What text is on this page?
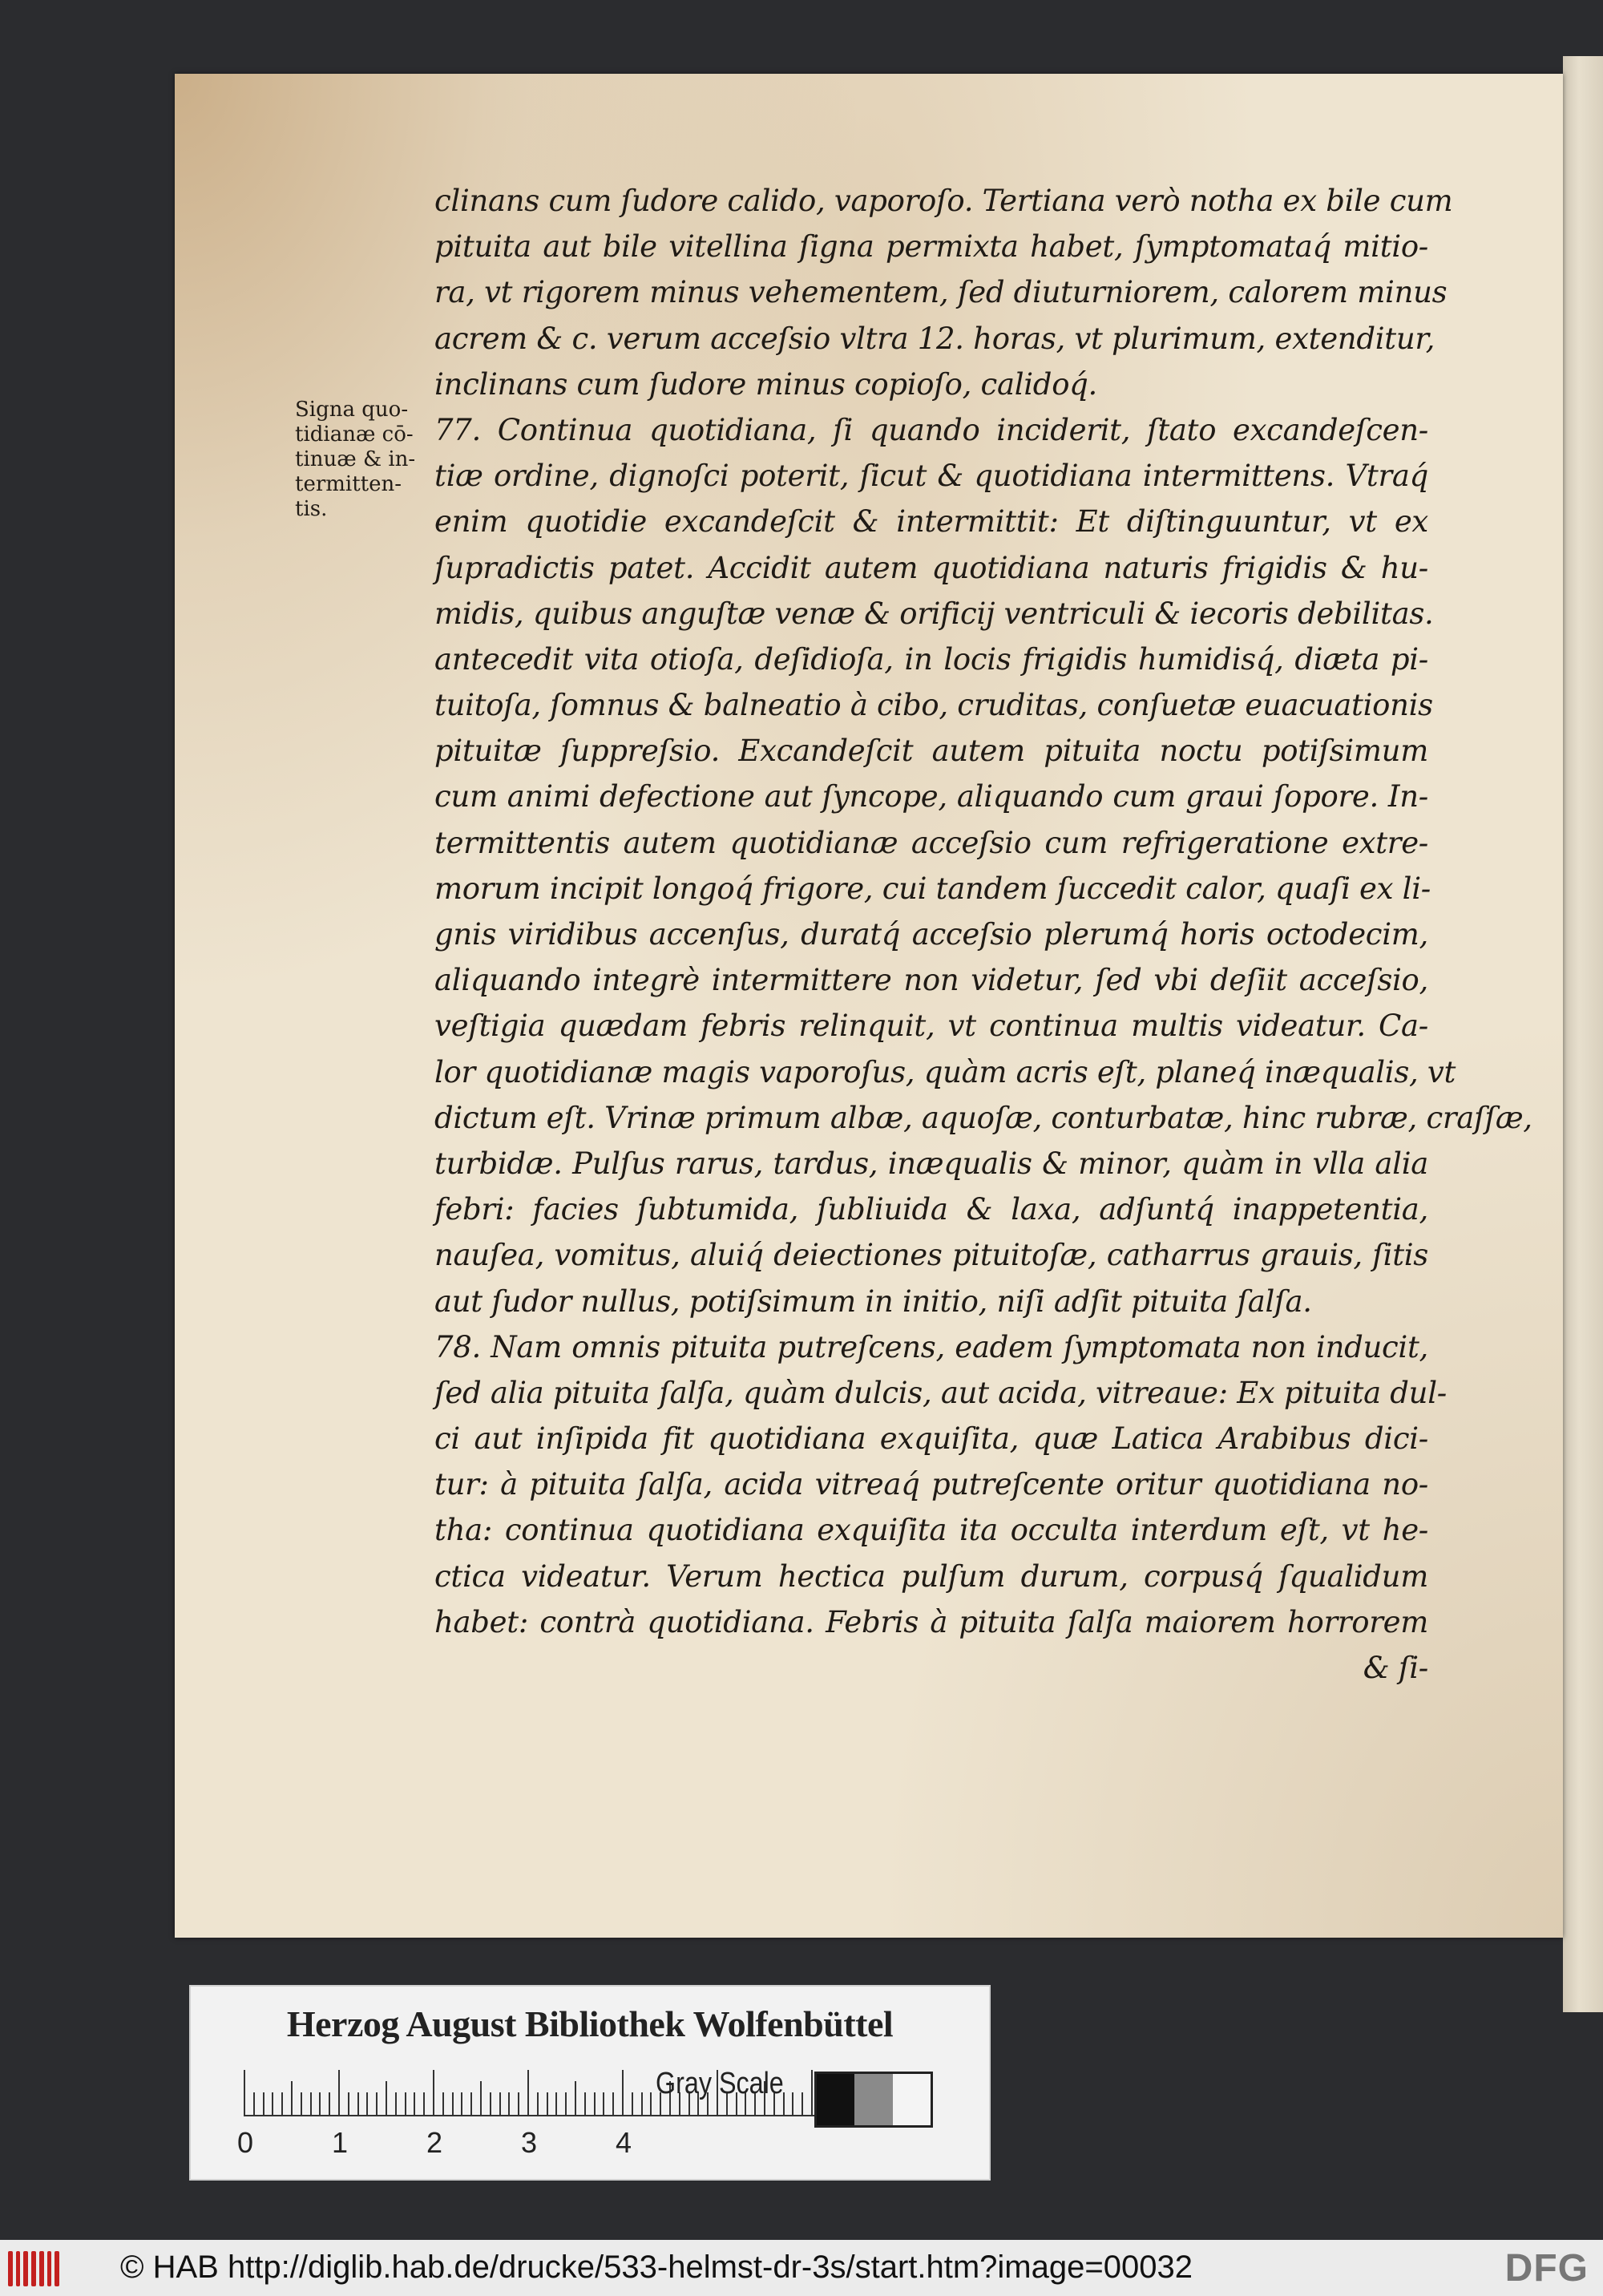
Signa quo-
tidianæ cō-
tinuæ & in-
termitten-
tis.
clinans cum ſudore calido, vaporoſo. Tertiana verò notha ex bile cum
pituita aut bile vitellina ſigna permixta habet, ſymptomataq́ mitio-
ra, vt rigorem minus vehementem, ſed diuturniorem, calorem minus
acrem & c. verum acceſsio vltra 12. horas, vt plurimum, extenditur,
inclinans cum ſudore minus copioſo, calidoq́.
77. Continua quotidiana, ſi quando inciderit, ſtato excandeſcen-
tiæ ordine, dignoſci poterit, ſicut & quotidiana intermittens. Vtraq́
enim quotidie excandeſcit & intermittit: Et diſtinguuntur, vt ex
ſupradictis patet. Accidit autem quotidiana naturis frigidis & hu-
midis, quibus anguſtæ venæ & orificij ventriculi & iecoris debilitas.
antecedit vita otioſa, deſidioſa, in locis frigidis humidisq́, diæta pi-
tuitoſa, ſomnus & balneatio à cibo, cruditas, conſuetæ euacuationis
pituitæ ſuppreſsio. Excandeſcit autem pituita noctu potiſsimum
cum animi defectione aut ſyncope, aliquando cum graui ſopore. In-
termittentis autem quotidianæ acceſsio cum refrigeratione extre-
morum incipit longoq́ frigore, cui tandem ſuccedit calor, quaſi ex li-
gnis viridibus accenſus, duratq́ acceſsio plerumq́ horis octodecim,
aliquando integrè intermittere non videtur, ſed vbi deſiit acceſsio,
veſtigia quædam febris relinquit, vt continua multis videatur. Ca-
lor quotidianæ magis vaporoſus, quàm acris eſt, planeq́ inæqualis, vt
dictum eſt. Vrinæ primum albæ, aquoſæ, conturbatæ, hinc rubræ, craſſæ,
turbidæ. Pulſus rarus, tardus, inæqualis & minor, quàm in vlla alia
febri: facies ſubtumida, ſubliuida & laxa, adſuntq́ inappetentia,
nauſea, vomitus, aluiq́ deiectiones pituitoſæ, catharrus grauis, ſitis
aut ſudor nullus, potiſsimum in initio, niſi adſit pituita ſalſa.
78. Nam omnis pituita putreſcens, eadem ſymptomata non inducit,
ſed alia pituita ſalſa, quàm dulcis, aut acida, vitreaue: Ex pituita dul-
ci aut inſipida fit quotidiana exquiſita, quæ Latica Arabibus dici-
tur: à pituita ſalſa, acida vitreaq́ putreſcente oritur quotidiana no-
tha: continua quotidiana exquiſita ita occulta interdum eſt, vt he-
ctica videatur. Verum hectica pulſum durum, corpusq́ ſqualidum
habet: contrà quotidiana. Febris à pituita ſalſa maiorem horrorem
& ſi-
Herzog August Bibliothek Wolfenbüttel
0	1	2	3	4
Gray Scale
© HAB http://diglib.hab.de/drucke/533-helmst-dr-3s/start.htm?image=00032	DFG
